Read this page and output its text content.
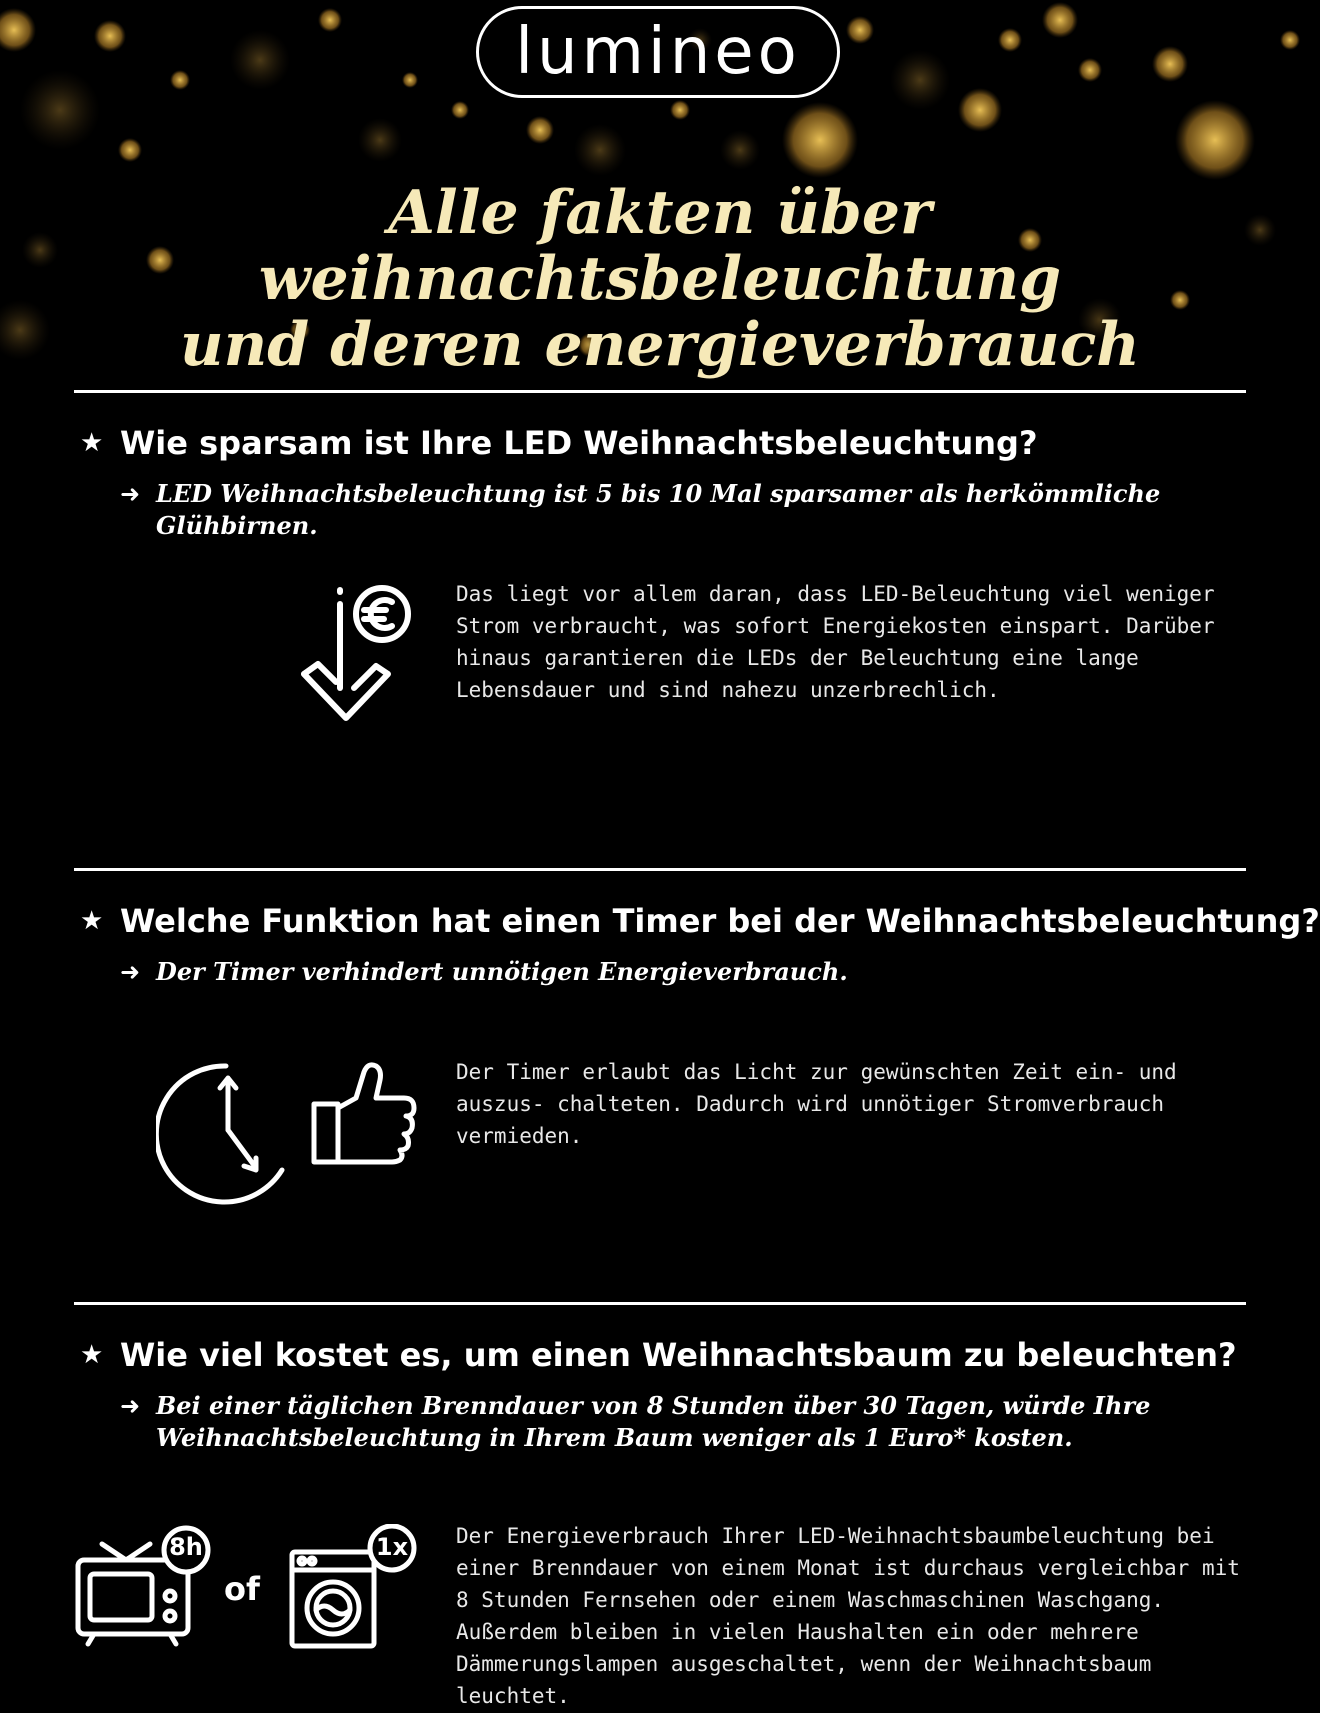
lumineo
Alle fakten über weihnachtsbeleuchtung
und deren energieverbrauch
★ Wie sparsam ist Ihre LED Weihnachtsbeleuchtung?
➜ LED Weihnachtsbeleuchtung ist 5 bis 10 Mal sparsamer als herkömmliche Glühbirnen.
Das liegt vor allem daran, dass LED-Beleuchtung viel weniger Strom verbraucht, was sofort Energiekosten einspart. Darüber hinaus garantieren die LEDs der Beleuchtung eine lange Lebensdauer und sind nahezu unzerbrechlich.
★ Welche Funktion hat einen Timer bei der Weihnachtsbeleuchtung?
➜ Der Timer verhindert unnötigen Energieverbrauch.
Der Timer erlaubt das Licht zur gewünschten Zeit ein- und auszus- chalteten. Dadurch wird unnötiger Stromverbrauch vermieden.
★ Wie viel kostet es, um einen Weihnachtsbaum zu beleuchten?
➜ Bei einer täglichen Brenndauer von 8 Stunden über 30 Tagen, würde Ihre Weihnachtsbeleuchtung in Ihrem Baum weniger als 1 Euro* kosten.
8h
of
1x Der Energieverbrauch Ihrer LED-Weihnachtsbaumbeleuchtung bei einer Brenndauer von einem Monat ist durchaus vergleichbar mit 8 Stunden Fernsehen oder einem Waschmaschinen Waschgang. Außerdem bleiben in vielen Haushalten ein oder mehrere Dämmerungslampen ausgeschaltet, wenn der Weihnachtsbaum leuchtet.
